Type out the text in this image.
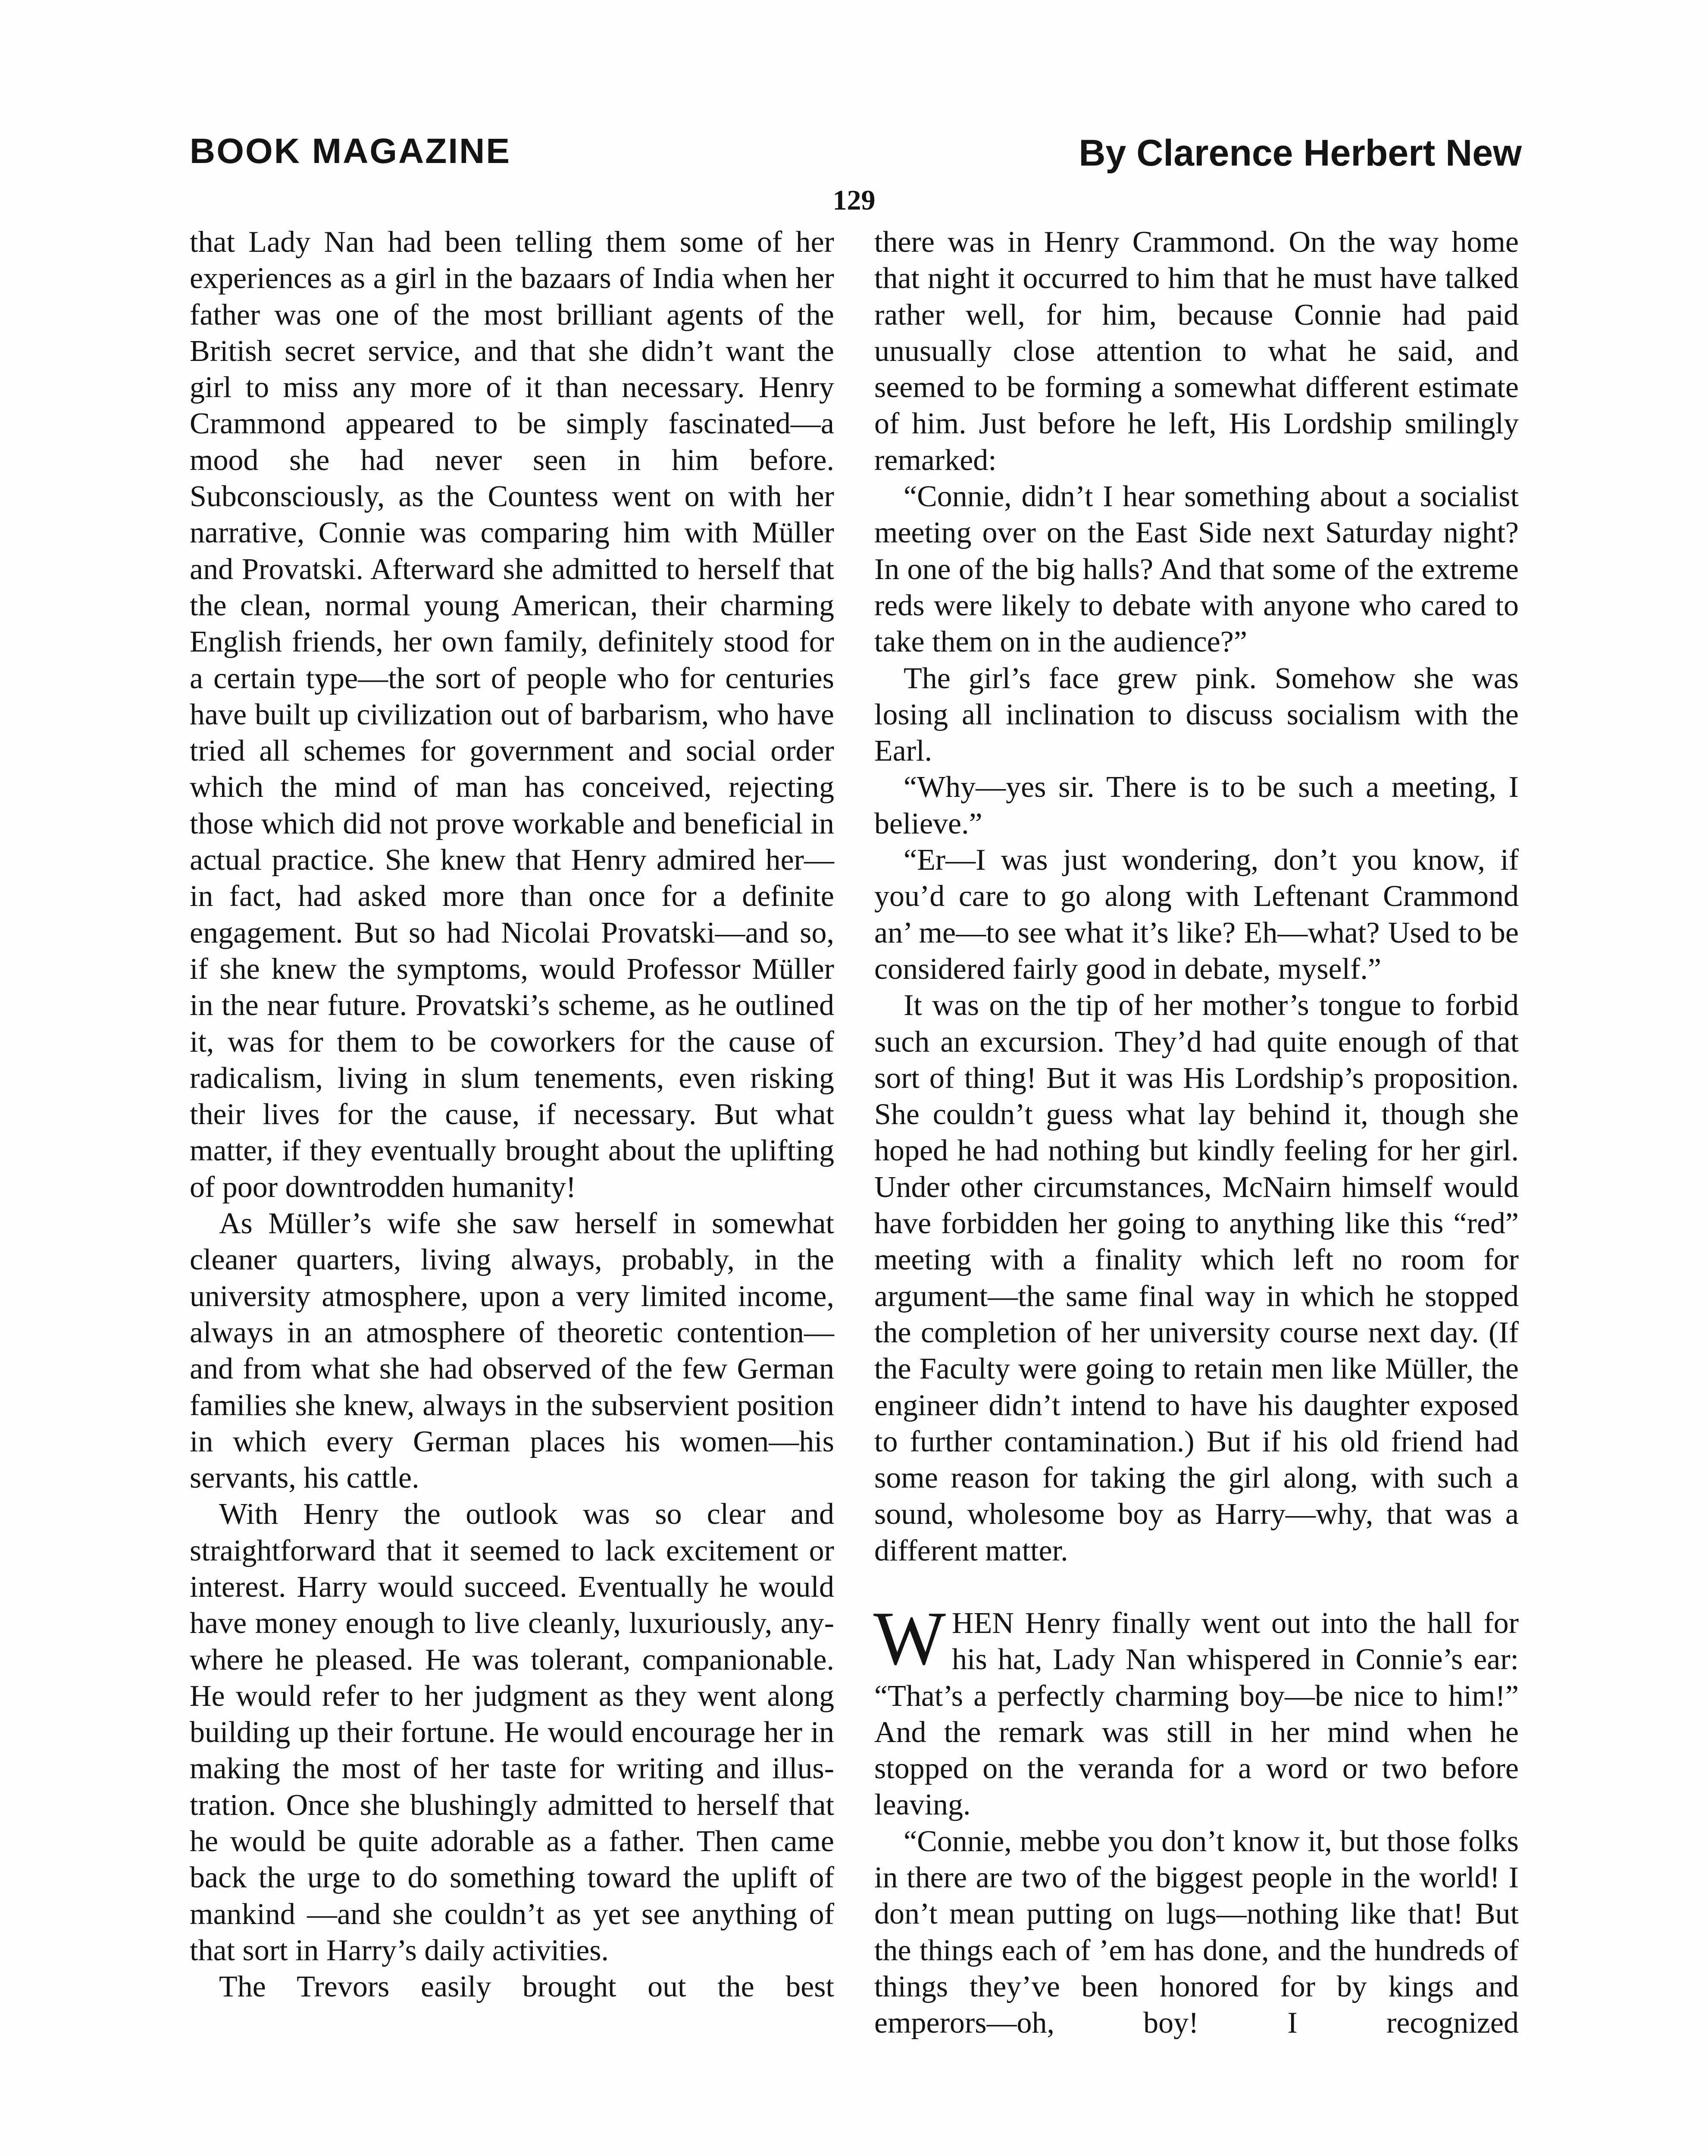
BOOK MAGAZINE	By Clarence Herbert New
129

that Lady Nan had been telling them some of her experiences as a girl in the bazaars of India when her father was one of the most brilliant agents of the British secret service, and that she didn’t want the girl to miss any more of it than necessary. Henry Crammond appeared to be simply fascinated—a mood she had never seen in him before. Subconsciously, as the Countess went on with her narrative, Connie was comparing him with Müller and Provatski. Afterward she admitted to herself that the clean, normal young American, their charming English friends, her own family, definitely stood for a certain type—the sort of people who for centuries have built up civilization out of barbarism, who have tried all schemes for government and social order which the mind of man has conceived, rejecting those which did not prove workable and beneficial in actual practice. She knew that Henry admired her—in fact, had asked more than once for a definite engagement. But so had Nicolai Provatski—and so, if she knew the symptoms, would Professor Müller in the near future. Provatski’s scheme, as he outlined it, was for them to be coworkers for the cause of radicalism, living in slum tenements, even risking their lives for the cause, if necessary. But what matter, if they eventually brought about the uplifting of poor downtrodden humanity!

As Müller’s wife she saw herself in somewhat cleaner quarters, living always, probably, in the university atmosphere, upon a very limited income, always in an atmosphere of theoretic contention—and from what she had observed of the few German families she knew, always in the subservient position in which every German places his women—his servants, his cattle.

With Henry the outlook was so clear and straightforward that it seemed to lack excitement or interest. Harry would succeed. Eventually he would have money enough to live cleanly, luxuriously, anywhere he pleased. He was tolerant, companionable. He would refer to her judgment as they went along building up their fortune. He would encourage her in making the most of her taste for writing and illustration. Once she blushingly admitted to herself that he would be quite adorable as a father. Then came back the urge to do something toward the uplift of mankind —and she couldn’t as yet see anything of that sort in Harry’s daily activities.

The Trevors easily brought out the best

there was in Henry Crammond. On the way home that night it occurred to him that he must have talked rather well, for him, because Connie had paid unusually close attention to what he said, and seemed to be forming a somewhat different estimate of him. Just before he left, His Lordship smilingly remarked:

“Connie, didn’t I hear something about a socialist meeting over on the East Side next Saturday night? In one of the big halls? And that some of the extreme reds were likely to debate with anyone who cared to take them on in the audience?”

The girl’s face grew pink. Somehow she was losing all inclination to discuss socialism with the Earl.

“Why—yes sir. There is to be such a meeting, I believe.”

“Er—I was just wondering, don’t you know, if you’d care to go along with Leftenant Crammond an’ me—to see what it’s like? Eh—what? Used to be considered fairly good in debate, myself.”

It was on the tip of her mother’s tongue to forbid such an excursion. They’d had quite enough of that sort of thing! But it was His Lordship’s proposition. She couldn’t guess what lay behind it, though she hoped he had nothing but kindly feeling for her girl. Under other circumstances, McNairn himself would have forbidden her going to anything like this “red” meeting with a finality which left no room for argument—the same final way in which he stopped the completion of her university course next day. (If the Faculty were going to retain men like Müller, the engineer didn’t intend to have his daughter exposed to further contamination.) But if his old friend had some reason for taking the girl along, with such a sound, wholesome boy as Harry—why, that was a different matter.

WHEN Henry finally went out into the hall for his hat, Lady Nan whispered in Connie’s ear: “That’s a perfectly charming boy—be nice to him!” And the remark was still in her mind when he stopped on the veranda for a word or two before leaving.

“Connie, mebbe you don’t know it, but those folks in there are two of the biggest people in the world! I don’t mean putting on lugs—nothing like that! But the things each of ’em has done, and the hundreds of things they’ve been honored for by kings and emperors—oh, boy! I recognized
